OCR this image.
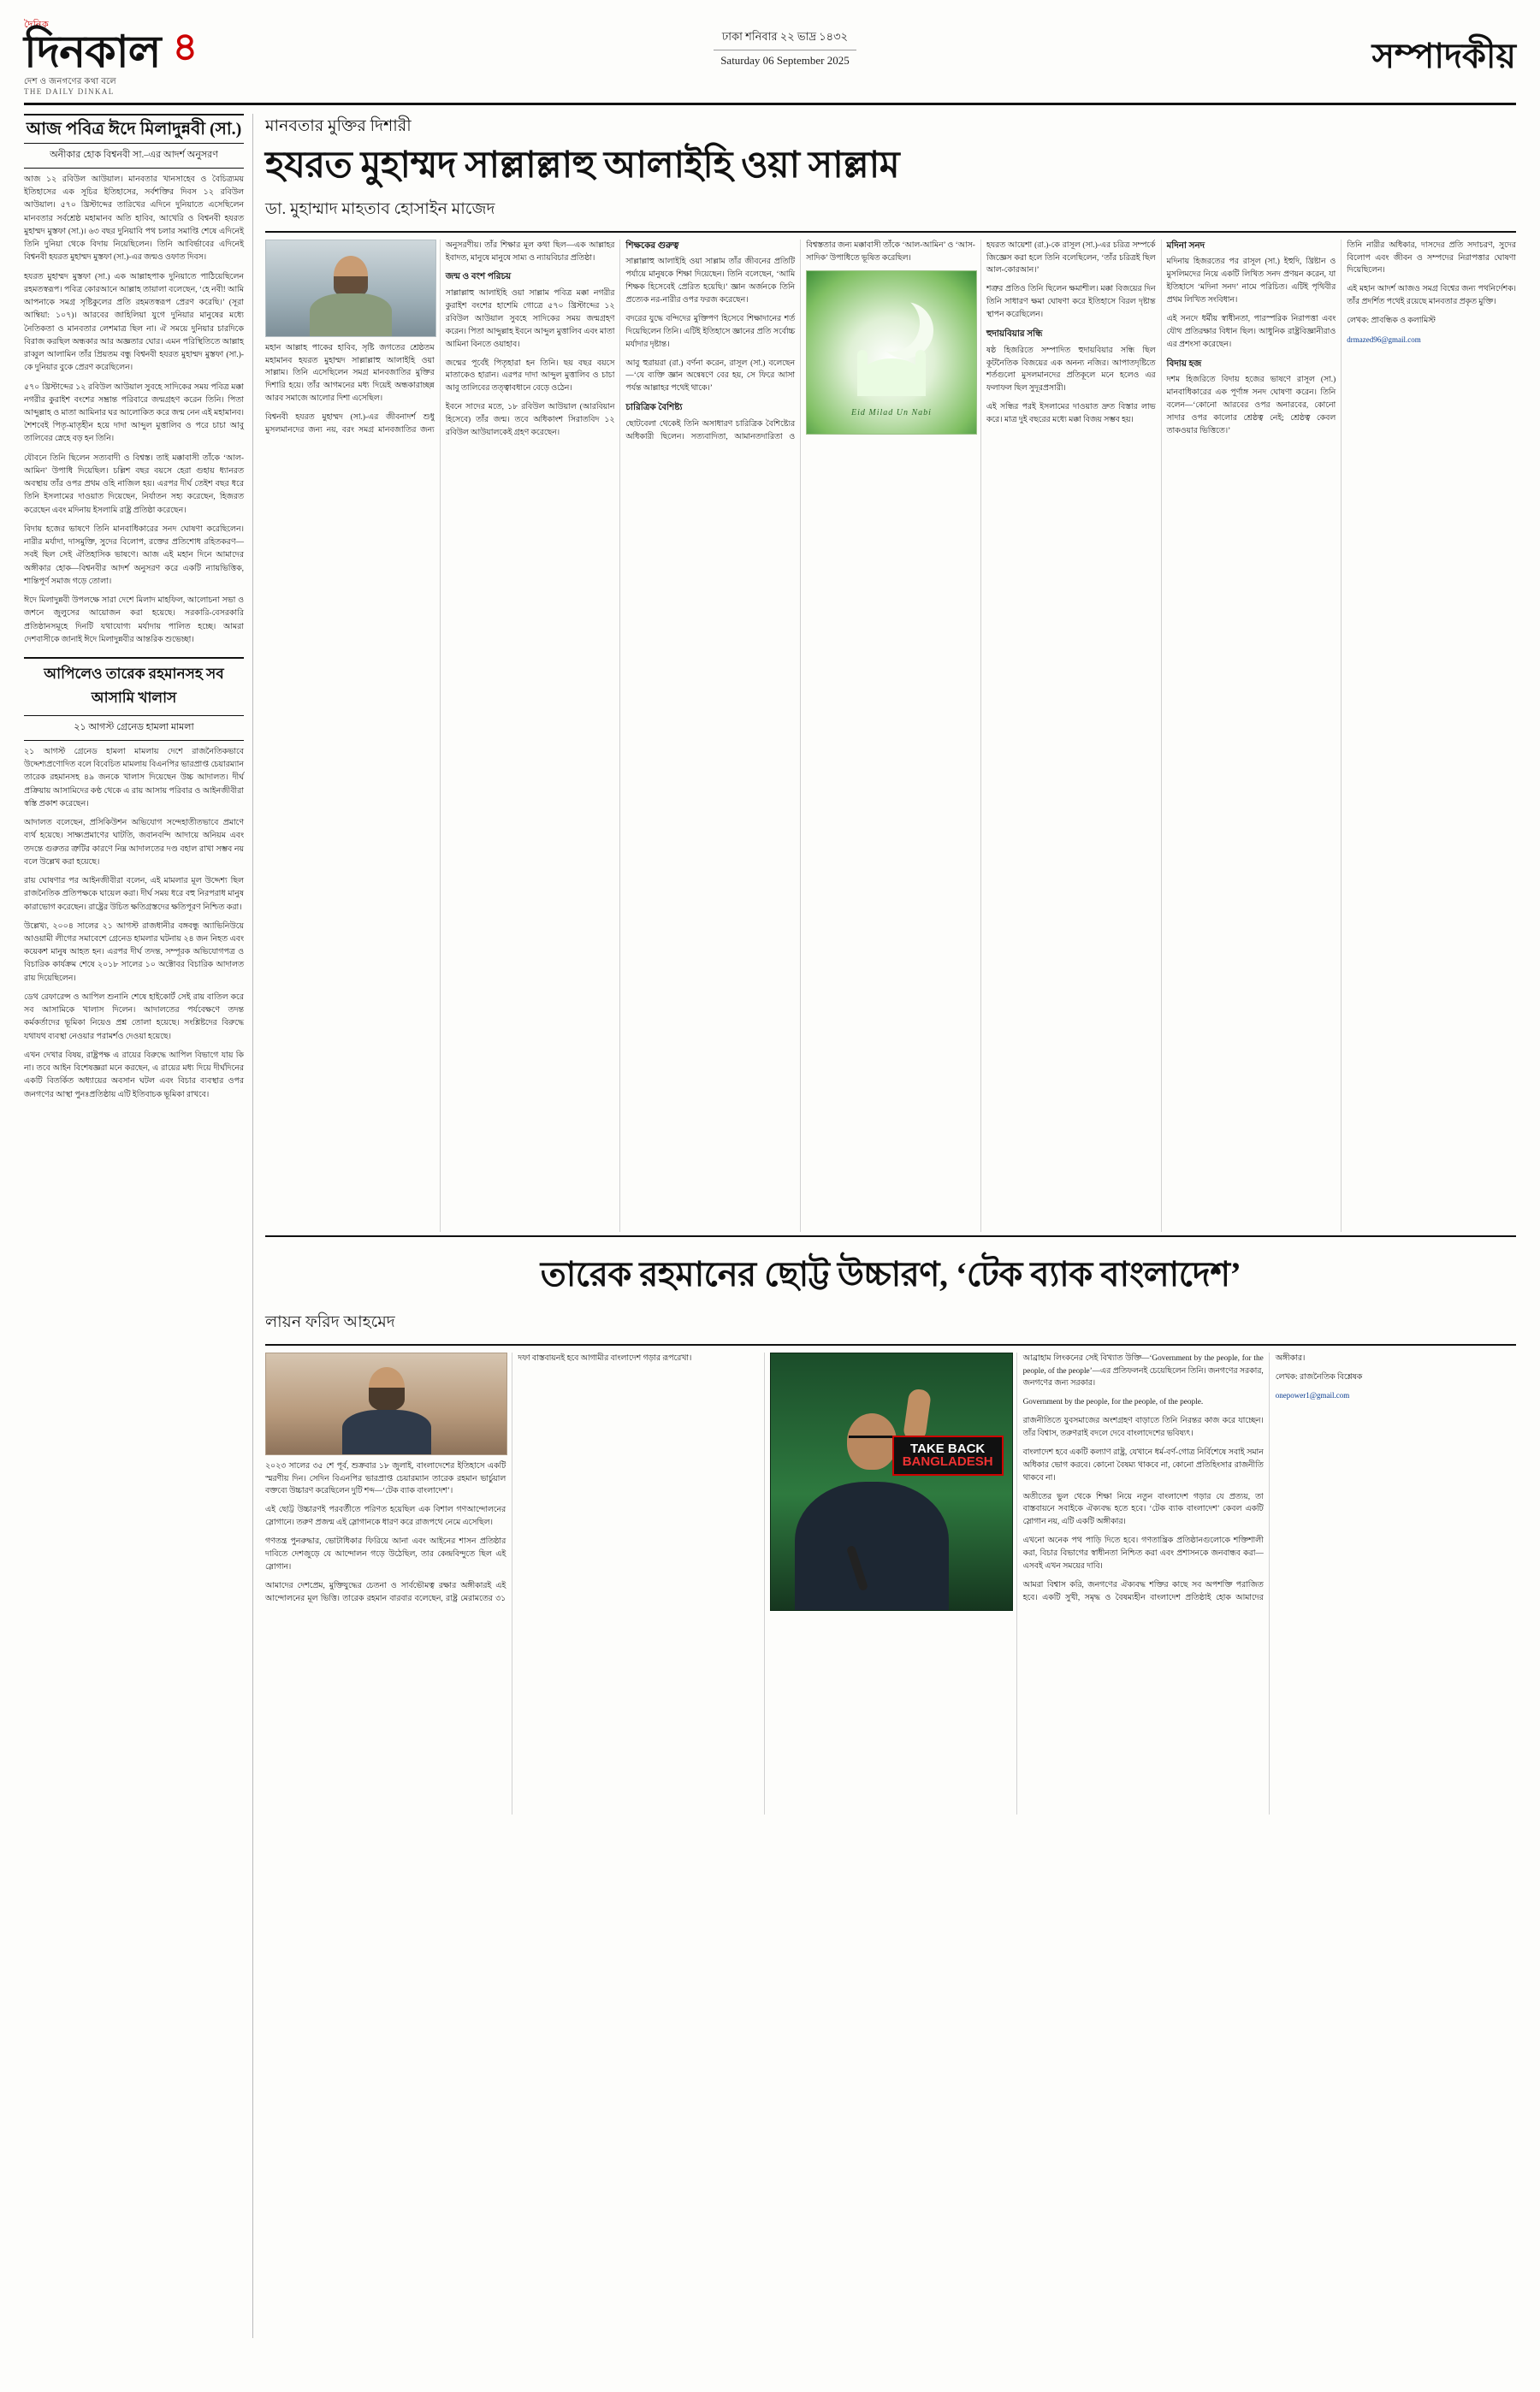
দৈনিক
দিনকাল
দেশ ও জনগণের কথা বলে
THE DAILY DINKAL
৪	ঢাকা শনিবার ২২ ভাদ্র ১৪৩২
Saturday 06 September 2025	সম্পাদকীয়
আজ পবিত্র ঈদে মিলাদুন্নবী (সা.)
অনীকার হোক বিশ্বনবী সা.–এর আদর্শ অনুসরণ

আজ ১২ রবিউল আউয়াল। মানবতার খানসাহেব ও বৈচিত্র্যময় ইতিহাসের এক সূচির ইতিহাসের, সর্বশক্তির দিবস ১২ রবিউল আউয়াল। ৫৭০ খ্রিস্টাব্দের তারিখের এদিনে দুনিয়াতে এসেছিলেন মানবতার সর্বশ্রেষ্ঠ মহামানব অতি হাবিব, আখেরি ও বিশ্বনবী হযরত মুহাম্মদ মুস্তফা (সা.)। ৬৩ বছর দুনিয়াবি পথ চলার সমাপ্তি শেষে এদিনেই তিনি দুনিয়া থেকে বিদায় নিয়েছিলেন। তিনি আবির্ভাবের এদিনেই বিশ্বনবী হযরত মুহাম্মদ মুস্তফা (সা.)-এর জন্মও ওফাত দিবস।

হযরত মুহাম্মদ মুস্তফা (সা.) এক আল্লাহপাক দুনিয়াতে পাঠিয়েছিলেন রহমতস্বরূপ। পবিত্র কোরআনে আল্লাহ তায়ালা বলেছেন, ‘হে নবী! আমি আপনাকে সমগ্র সৃষ্টিকুলের প্রতি রহমতস্বরূপ প্রেরণ করেছি।’ (সূরা আম্বিয়া: ১০৭)। আরবের জাহিলিয়া যুগে দুনিয়ার মানুষের মধ্যে নৈতিকতা ও মানবতার লেশমাত্র ছিল না। ঐ সময়ে দুনিয়ার চারদিকে বিরাজ করছিল অন্ধকার আর অজ্ঞতার ঘোর। এমন পরিস্থিতিতে আল্লাহ রাব্বুল আলামিন তাঁর প্রিয়তম বন্ধু বিশ্বনবী হযরত মুহাম্মদ মুস্তফা (সা.)-কে দুনিয়ার বুকে প্রেরণ করেছিলেন।

৫৭০ খ্রিস্টাব্দের ১২ রবিউল আউয়াল সুবহে সাদিকের সময় পবিত্র মক্কা নগরীর কুরাইশ বংশের সম্ভ্রান্ত পরিবারে জন্মগ্রহণ করেন তিনি। পিতা আব্দুল্লাহ ও মাতা আমিনার ঘর আলোকিত করে জন্ম নেন এই মহামানব। শৈশবেই পিতৃ-মাতৃহীন হয়ে দাদা আব্দুল মুত্তালিব ও পরে চাচা আবু তালিবের স্নেহে বড় হন তিনি।

যৌবনে তিনি ছিলেন সত্যবাদী ও বিশ্বস্ত। তাই মক্কাবাসী তাঁকে ‘আল-আমিন’ উপাধি দিয়েছিল। চল্লিশ বছর বয়সে হেরা গুহায় ধ্যানরত অবস্থায় তাঁর ওপর প্রথম ওহি নাজিল হয়। এরপর দীর্ঘ তেইশ বছর ধরে তিনি ইসলামের দাওয়াত দিয়েছেন, নির্যাতন সহ্য করেছেন, হিজরত করেছেন এবং মদিনায় ইসলামি রাষ্ট্র প্রতিষ্ঠা করেছেন।

বিদায় হজের ভাষণে তিনি মানবাধিকারের সনদ ঘোষণা করেছিলেন। নারীর মর্যাদা, দাসমুক্তি, সুদের বিলোপ, রক্তের প্রতিশোধ রহিতকরণ—সবই ছিল সেই ঐতিহাসিক ভাষণে। আজ এই মহান দিনে আমাদের অঙ্গীকার হোক—বিশ্বনবীর আদর্শ অনুসরণ করে একটি ন্যায়ভিত্তিক, শান্তিপূর্ণ সমাজ গড়ে তোলা।

ঈদে মিলাদুন্নবী উপলক্ষে সারা দেশে মিলাদ মাহফিল, আলোচনা সভা ও জশনে জুলুসের আয়োজন করা হয়েছে। সরকারি-বেসরকারি প্রতিষ্ঠানসমূহে দিনটি যথাযোগ্য মর্যাদায় পালিত হচ্ছে। আমরা দেশবাসীকে জানাই ঈদে মিলাদুন্নবীর আন্তরিক শুভেচ্ছা।

আপিলেও তারেক রহমানসহ সব আসামি খালাস
২১ আগস্ট গ্রেনেড হামলা মামলা

২১ আগস্ট গ্রেনেড হামলা মামলায় দেশে রাজনৈতিকভাবে উদ্দেশ্যপ্রণোদিত বলে বিবেচিত মামলায় বিএনপির ভারপ্রাপ্ত চেয়ারম্যান তারেক রহমানসহ ৪৯ জনকে খালাস দিয়েছেন উচ্চ আদালত। দীর্ঘ প্রক্রিয়ায় আসামিদের কণ্ঠ থেকে এ রায় আসায় পরিবার ও আইনজীবীরা স্বস্তি প্রকাশ করেছেন।

আদালত বলেছেন, প্রসিকিউশন অভিযোগ সন্দেহাতীতভাবে প্রমাণে ব্যর্থ হয়েছে। সাক্ষ্যপ্রমাণের ঘাটতি, জবানবন্দি আদায়ে অনিয়ম এবং তদন্তে গুরুতর ত্রুটির কারণে নিম্ন আদালতের দণ্ড বহাল রাখা সম্ভব নয় বলে উল্লেখ করা হয়েছে।

রায় ঘোষণার পর আইনজীবীরা বলেন, এই মামলার মূল উদ্দেশ্য ছিল রাজনৈতিক প্রতিপক্ষকে ঘায়েল করা। দীর্ঘ সময় ধরে বহু নিরপরাধ মানুষ কারাভোগ করেছেন। রাষ্ট্রের উচিত ক্ষতিগ্রস্তদের ক্ষতিপূরণ নিশ্চিত করা।

উল্লেখ্য, ২০০৪ সালের ২১ আগস্ট রাজধানীর বঙ্গবন্ধু অ্যাভিনিউয়ে আওয়ামী লীগের সমাবেশে গ্রেনেড হামলার ঘটনায় ২৪ জন নিহত এবং কয়েকশ মানুষ আহত হন। এরপর দীর্ঘ তদন্ত, সম্পূরক অভিযোগপত্র ও বিচারিক কার্যক্রম শেষে ২০১৮ সালের ১০ অক্টোবর বিচারিক আদালত রায় দিয়েছিলেন।

ডেথ রেফারেন্স ও আপিল শুনানি শেষে হাইকোর্ট সেই রায় বাতিল করে সব আসামিকে খালাস দিলেন। আদালতের পর্যবেক্ষণে তদন্ত কর্মকর্তাদের ভূমিকা নিয়েও প্রশ্ন তোলা হয়েছে। সংশ্লিষ্টদের বিরুদ্ধে যথাযথ ব্যবস্থা নেওয়ার পরামর্শও দেওয়া হয়েছে।

এখন দেখার বিষয়, রাষ্ট্রপক্ষ এ রায়ের বিরুদ্ধে আপিল বিভাগে যায় কি না। তবে আইন বিশেষজ্ঞরা মনে করছেন, এ রায়ের মধ্য দিয়ে দীর্ঘদিনের একটি বিতর্কিত অধ্যায়ের অবসান ঘটল এবং বিচার ব্যবস্থার ওপর জনগণের আস্থা পুনঃপ্রতিষ্ঠায় এটি ইতিবাচক ভূমিকা রাখবে।

মানবতার মুক্তির দিশারী
হযরত মুহাম্মদ সাল্লাল্লাহু আলাইহি ওয়া সাল্লাম
ডা. মুহাম্মাদ মাহতাব হোসাইন মাজেদ

মহান আল্লাহ পাকের হাবিব, সৃষ্টি জগতের শ্রেষ্ঠতম মহামানব হযরত মুহাম্মদ সাল্লাল্লাহু আলাইহি ওয়া সাল্লাম। তিনি এসেছিলেন সমগ্র মানবজাতির মুক্তির দিশারি হয়ে। তাঁর আগমনের মধ্য দিয়েই অন্ধকারাচ্ছন্ন আরব সমাজে আলোর দিশা এসেছিল।

বিশ্বনবী হযরত মুহাম্মদ (সা.)-এর জীবনাদর্শ শুধু মুসলমানদের জন্য নয়, বরং সমগ্র মানবজাতির জন্য অনুসরণীয়। তাঁর শিক্ষার মূল কথা ছিল—এক আল্লাহর ইবাদত, মানুষে মানুষে সাম্য ও ন্যায়বিচার প্রতিষ্ঠা।

জন্ম ও বংশ পরিচয়

সাল্লাল্লাহু আলাইহি ওয়া সাল্লাম পবিত্র মক্কা নগরীর কুরাইশ বংশের হাশেমি গোত্রে ৫৭০ খ্রিস্টাব্দের ১২ রবিউল আউয়াল সুবহে সাদিকের সময় জন্মগ্রহণ করেন। পিতা আব্দুল্লাহ ইবনে আব্দুল মুত্তালিব এবং মাতা আমিনা বিনতে ওয়াহাব।

জন্মের পূর্বেই পিতৃহারা হন তিনি। ছয় বছর বয়সে মাতাকেও হারান। এরপর দাদা আব্দুল মুত্তালিব ও চাচা আবু তালিবের তত্ত্বাবধানে বেড়ে ওঠেন।

ইবনে সাদের মতে, ১৮ রবিউল আউয়াল (আরবিয়ান হিসেবে) তাঁর জন্ম। তবে অধিকাংশ সিরাতবিদ ১২ রবিউল আউয়ালকেই গ্রহণ করেছেন।

শিক্ষকের গুরুত্ব

সাল্লাল্লাহু আলাইহি ওয়া সাল্লাম তাঁর জীবনের প্রতিটি পর্যায়ে মানুষকে শিক্ষা দিয়েছেন। তিনি বলেছেন, ‘আমি শিক্ষক হিসেবেই প্রেরিত হয়েছি।’ জ্ঞান অর্জনকে তিনি প্রত্যেক নর-নারীর ওপর ফরজ করেছেন।

বদরের যুদ্ধে বন্দিদের মুক্তিপণ হিসেবে শিক্ষাদানের শর্ত দিয়েছিলেন তিনি। এটিই ইতিহাসে জ্ঞানের প্রতি সর্বোচ্চ মর্যাদার দৃষ্টান্ত।

আবু হুরায়রা (রা.) বর্ণনা করেন, রাসূল (সা.) বলেছেন—‘যে ব্যক্তি জ্ঞান অন্বেষণে বের হয়, সে ফিরে আসা পর্যন্ত আল্লাহর পথেই থাকে।’

চারিত্রিক বৈশিষ্ট্য

ছোটবেলা থেকেই তিনি অসাধারণ চারিত্রিক বৈশিষ্ট্যের অধিকারী ছিলেন। সত্যবাদিতা, আমানতদারিতা ও বিশ্বস্ততার জন্য মক্কাবাসী তাঁকে ‘আল-আমিন’ ও ‘আস-সাদিক’ উপাধিতে ভূষিত করেছিল।

Eid Milad Un Nabi

হযরত আয়েশা (রা.)-কে রাসূল (সা.)-এর চরিত্র সম্পর্কে জিজ্ঞেস করা হলে তিনি বলেছিলেন, ‘তাঁর চরিত্রই ছিল আল-কোরআন।’

শত্রুর প্রতিও তিনি ছিলেন ক্ষমাশীল। মক্কা বিজয়ের দিন তিনি সাধারণ ক্ষমা ঘোষণা করে ইতিহাসে বিরল দৃষ্টান্ত স্থাপন করেছিলেন।

হুদায়বিয়ার সন্ধি

ষষ্ঠ হিজরিতে সম্পাদিত হুদায়বিয়ার সন্ধি ছিল কূটনৈতিক বিজয়ের এক অনন্য নজির। আপাতদৃষ্টিতে শর্তগুলো মুসলমানদের প্রতিকূলে মনে হলেও এর ফলাফল ছিল সুদূরপ্রসারী।

এই সন্ধির পরই ইসলামের দাওয়াত দ্রুত বিস্তার লাভ করে। মাত্র দুই বছরের মধ্যে মক্কা বিজয় সম্ভব হয়।

মদিনা সনদ

মদিনায় হিজরতের পর রাসূল (সা.) ইহুদি, খ্রিষ্টান ও মুসলিমদের নিয়ে একটি লিখিত সনদ প্রণয়ন করেন, যা ইতিহাসে ‘মদিনা সনদ’ নামে পরিচিত। এটিই পৃথিবীর প্রথম লিখিত সংবিধান।

এই সনদে ধর্মীয় স্বাধীনতা, পারস্পরিক নিরাপত্তা এবং যৌথ প্রতিরক্ষার বিধান ছিল। আধুনিক রাষ্ট্রবিজ্ঞানীরাও এর প্রশংসা করেছেন।

বিদায় হজ

দশম হিজরিতে বিদায় হজের ভাষণে রাসূল (সা.) মানবাধিকারের এক পূর্ণাঙ্গ সনদ ঘোষণা করেন। তিনি বলেন—‘কোনো আরবের ওপর অনারবের, কোনো সাদার ওপর কালোর শ্রেষ্ঠত্ব নেই; শ্রেষ্ঠত্ব কেবল তাকওয়ার ভিত্তিতে।’

তিনি নারীর অধিকার, দাসদের প্রতি সদাচরণ, সুদের বিলোপ এবং জীবন ও সম্পদের নিরাপত্তার ঘোষণা দিয়েছিলেন।

এই মহান আদর্শ আজও সমগ্র বিশ্বের জন্য পথনির্দেশক। তাঁর প্রদর্শিত পথেই রয়েছে মানবতার প্রকৃত মুক্তি।

লেখক: প্রাবন্ধিক ও কলামিস্ট

drmazed96@gmail.com

তারেক রহমানের ছোট্ট উচ্চারণ, ‘টেক ব্যাক বাংলাদেশ’
লায়ন ফরিদ আহমেদ

২০২৩ সালের ৩৫ শে পূর্ব, শুক্রবার ১৮ জুলাই, বাংলাদেশের ইতিহাসে একটি স্মরণীয় দিন। সেদিন বিএনপির ভারপ্রাপ্ত চেয়ারম্যান তারেক রহমান ভার্চুয়াল বক্তব্যে উচ্চারণ করেছিলেন দুটি শব্দ—‘টেক ব্যাক বাংলাদেশ’।

এই ছোট্ট উচ্চারণই পরবর্তীতে পরিণত হয়েছিল এক বিশাল গণআন্দোলনের স্লোগানে। তরুণ প্রজন্ম এই স্লোগানকে ধারণ করে রাজপথে নেমে এসেছিল।

গণতন্ত্র পুনরুদ্ধার, ভোটাধিকার ফিরিয়ে আনা এবং আইনের শাসন প্রতিষ্ঠার দাবিতে দেশজুড়ে যে আন্দোলন গড়ে উঠেছিল, তার কেন্দ্রবিন্দুতে ছিল এই স্লোগান।

আমাদের দেশপ্রেম, মুক্তিযুদ্ধের চেতনা ও সার্বভৌমত্ব রক্ষার অঙ্গীকারই এই আন্দোলনের মূল ভিত্তি। তারেক রহমান বারবার বলেছেন, রাষ্ট্র মেরামতের ৩১ দফা বাস্তবায়নই হবে আগামীর বাংলাদেশ গড়ার রূপরেখা।

TAKE BACK
BANGLADESH

আব্রাহাম লিংকনের সেই বিখ্যাত উক্তি—‘Government by the people, for the people, of the people’—এর প্রতিফলনই চেয়েছিলেন তিনি। জনগণের সরকার, জনগণের জন্য সরকার।

Government by the people, for the people, of the people.

রাজনীতিতে যুবসমাজের অংশগ্রহণ বাড়াতে তিনি নিরন্তর কাজ করে যাচ্ছেন। তাঁর বিশ্বাস, তরুণরাই বদলে দেবে বাংলাদেশের ভবিষ্যৎ।

বাংলাদেশ হবে একটি কল্যাণ রাষ্ট্র, যেখানে ধর্ম-বর্ণ-গোত্র নির্বিশেষে সবাই সমান অধিকার ভোগ করবে। কোনো বৈষম্য থাকবে না, কোনো প্রতিহিংসার রাজনীতি থাকবে না।

অতীতের ভুল থেকে শিক্ষা নিয়ে নতুন বাংলাদেশ গড়ার যে প্রত্যয়, তা বাস্তবায়নে সবাইকে ঐক্যবদ্ধ হতে হবে। ‘টেক ব্যাক বাংলাদেশ’ কেবল একটি স্লোগান নয়, এটি একটি অঙ্গীকার।

এখনো অনেক পথ পাড়ি দিতে হবে। গণতান্ত্রিক প্রতিষ্ঠানগুলোকে শক্তিশালী করা, বিচার বিভাগের স্বাধীনতা নিশ্চিত করা এবং প্রশাসনকে জনবান্ধব করা—এসবই এখন সময়ের দাবি।

আমরা বিশ্বাস করি, জনগণের ঐক্যবদ্ধ শক্তির কাছে সব অপশক্তি পরাজিত হবে। একটি সুখী, সমৃদ্ধ ও বৈষম্যহীন বাংলাদেশ প্রতিষ্ঠাই হোক আমাদের অঙ্গীকার।

লেখক: রাজনৈতিক বিশ্লেষক

onepower1@gmail.com
